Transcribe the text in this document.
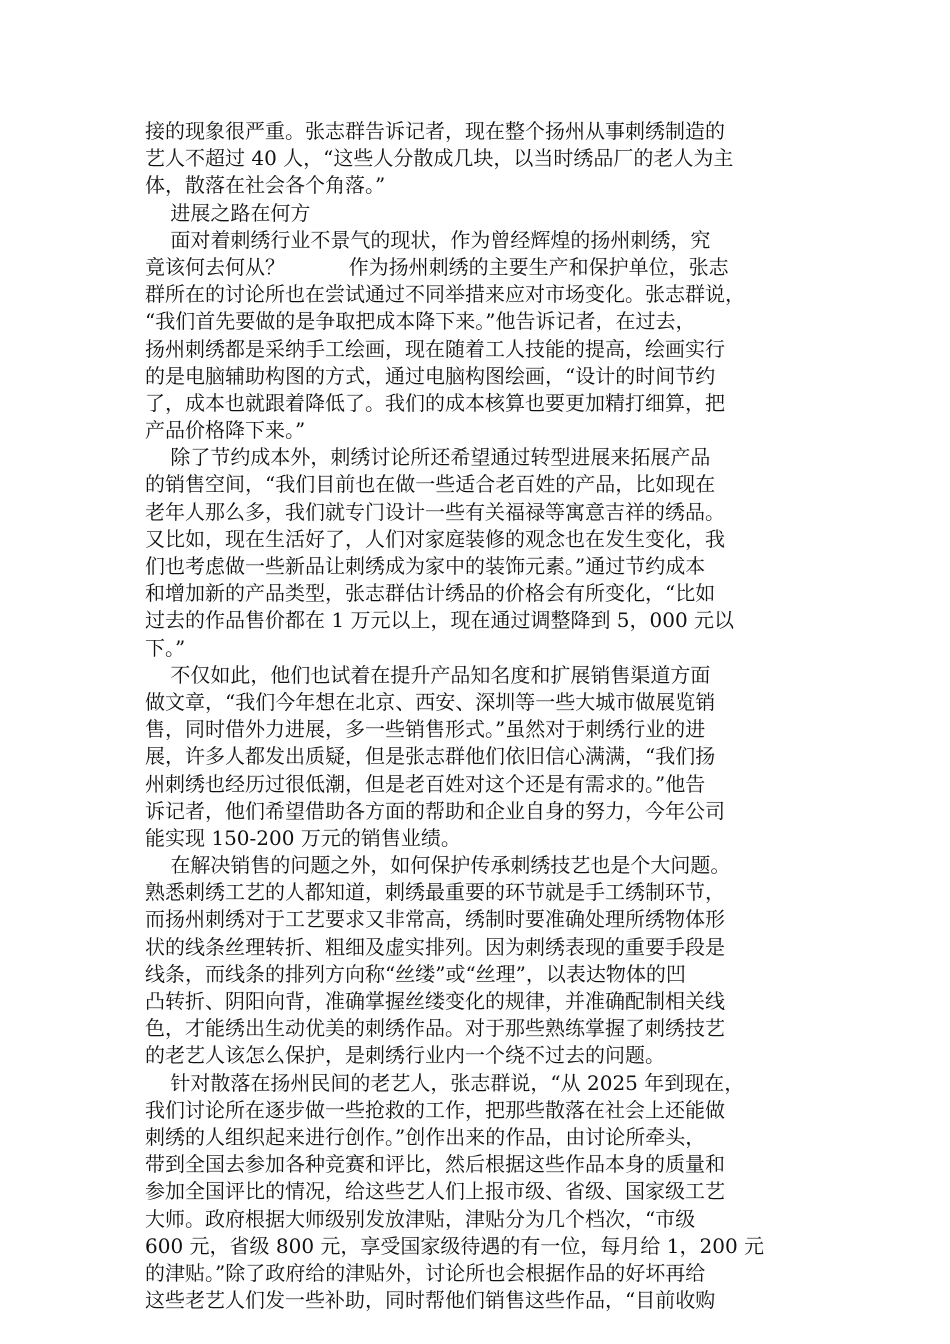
接的现象很严重。张志群告诉记者，现在整个扬州从事刺绣制造的
艺人不超过 40 人，“这些人分散成几块，以当时绣品厂的老人为主
体，散落在社会各个角落。”
进展之路在何方
面对着刺绣行业不景气的现状，作为曾经辉煌的扬州刺绣，究
竟该何去何从？          作为扬州刺绣的主要生产和保护单位，张志
群所在的讨论所也在尝试通过不同举措来应对市场变化。张志群说，
“我们首先要做的是争取把成本降下来。”他告诉记者，在过去，
扬州刺绣都是采纳手工绘画，现在随着工人技能的提高，绘画实行
的是电脑辅助构图的方式，通过电脑构图绘画，“设计的时间节约
了，成本也就跟着降低了。我们的成本核算也要更加精打细算，把
产品价格降下来。”
除了节约成本外，刺绣讨论所还希望通过转型进展来拓展产品
的销售空间，“我们目前也在做一些适合老百姓的产品，比如现在
老年人那么多，我们就专门设计一些有关福禄等寓意吉祥的绣品。
又比如，现在生活好了，人们对家庭装修的观念也在发生变化，我
们也考虑做一些新品让刺绣成为家中的装饰元素。”通过节约成本
和增加新的产品类型，张志群估计绣品的价格会有所变化，“比如
过去的作品售价都在 1 万元以上，现在通过调整降到 5，000 元以
下。”
不仅如此，他们也试着在提升产品知名度和扩展销售渠道方面
做文章，“我们今年想在北京、西安、深圳等一些大城市做展览销
售，同时借外力进展，多一些销售形式。”虽然对于刺绣行业的进
展，许多人都发出质疑，但是张志群他们依旧信心满满，“我们扬
州刺绣也经历过很低潮，但是老百姓对这个还是有需求的。”他告
诉记者，他们希望借助各方面的帮助和企业自身的努力，今年公司
能实现 150-200 万元的销售业绩。
在解决销售的问题之外，如何保护传承刺绣技艺也是个大问题。
熟悉刺绣工艺的人都知道，刺绣最重要的环节就是手工绣制环节，
而扬州刺绣对于工艺要求又非常高，绣制时要准确处理所绣物体形
状的线条丝理转折、粗细及虚实排列。因为刺绣表现的重要手段是
线条，而线条的排列方向称“丝缕”或“丝理”，以表达物体的凹
凸转折、阴阳向背，准确掌握丝缕变化的规律，并准确配制相关线
色，才能绣出生动优美的刺绣作品。对于那些熟练掌握了刺绣技艺
的老艺人该怎么保护，是刺绣行业内一个绕不过去的问题。
针对散落在扬州民间的老艺人，张志群说，“从 2025 年到现在，
我们讨论所在逐步做一些抢救的工作，把那些散落在社会上还能做
刺绣的人组织起来进行创作。”创作出来的作品，由讨论所牵头，
带到全国去参加各种竞赛和评比，然后根据这些作品本身的质量和
参加全国评比的情况，给这些艺人们上报市级、省级、国家级工艺
大师。政府根据大师级别发放津贴，津贴分为几个档次，“市级
600 元，省级 800 元，享受国家级待遇的有一位，每月给 1，200 元
的津贴。”除了政府给的津贴外，讨论所也会根据作品的好坏再给
这些老艺人们发一些补助，同时帮他们销售这些作品，“目前收购
